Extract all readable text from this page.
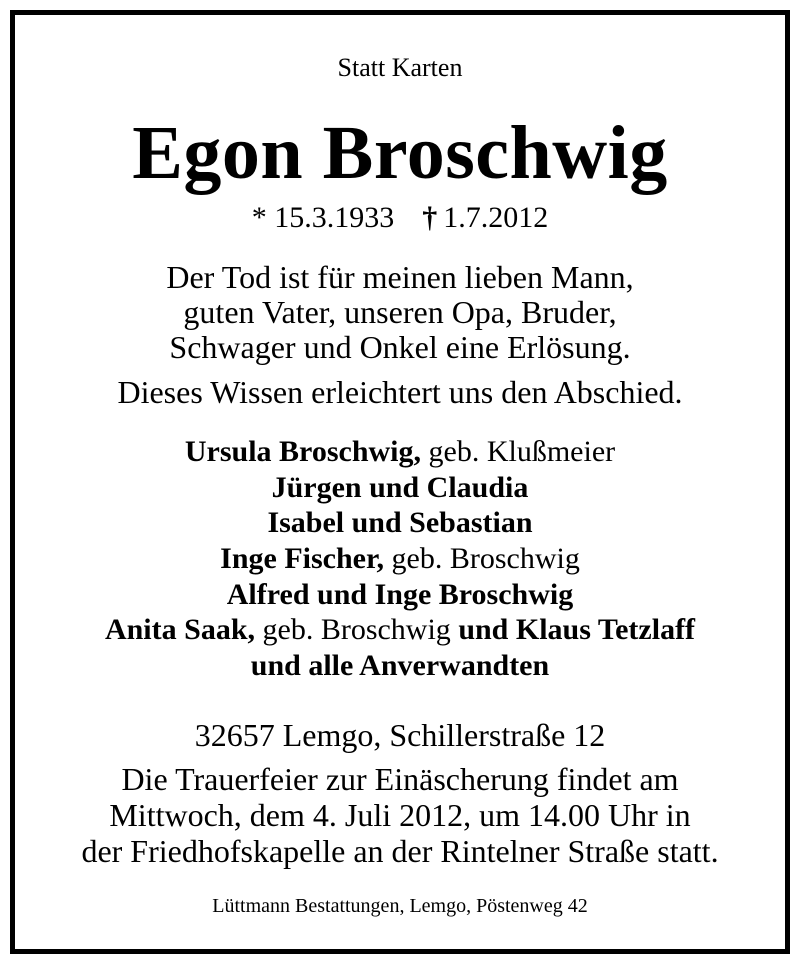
Statt Karten
Egon Broschwig
* 15.3.1933 † 1.7.2012
Der Tod ist für meinen lieben Mann,
guten Vater, unseren Opa, Bruder,
Schwager und Onkel eine Erlösung.
Dieses Wissen erleichtert uns den Abschied.
Ursula Broschwig, geb. Klußmeier
Jürgen und Claudia
Isabel und Sebastian
Inge Fischer, geb. Broschwig
Alfred und Inge Broschwig
Anita Saak, geb. Broschwig und Klaus Tetzlaff
und alle Anverwandten
32657 Lemgo, Schillerstraße 12
Die Trauerfeier zur Einäscherung findet am
Mittwoch, dem 4. Juli 2012, um 14.00 Uhr in
der Friedhofskapelle an der Rintelner Straße statt.
Lüttmann Bestattungen, Lemgo, Pöstenweg 42
